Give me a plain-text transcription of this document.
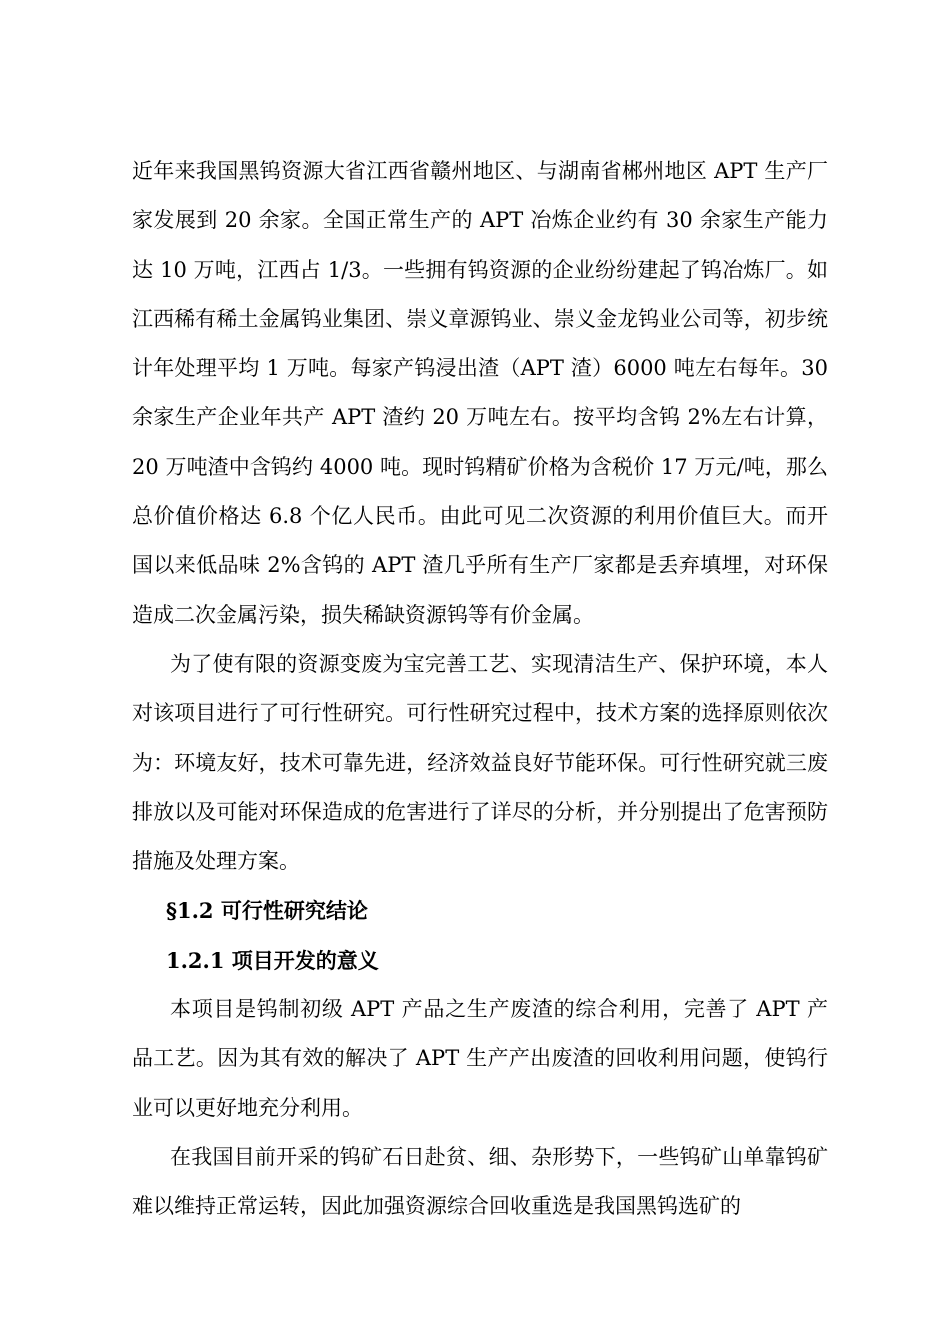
近年来我国黑钨资源大省江西省赣州地区、与湖南省郴州地区 APT 生产厂家发展到 20 余家。全国正常生产的 APT 冶炼企业约有 30 余家生产能力达 10 万吨，江西占 1/3。一些拥有钨资源的企业纷纷建起了钨冶炼厂。如江西稀有稀土金属钨业集团、崇义章源钨业、崇义金龙钨业公司等，初步统计年处理平均 1 万吨。每家产钨浸出渣（APT 渣）6000 吨左右每年。30 余家生产企业年共产 APT 渣约 20 万吨左右。按平均含钨 2%左右计算，20 万吨渣中含钨约 4000 吨。现时钨精矿价格为含税价 17 万元/吨，那么总价值价格达 6.8 个亿人民币。由此可见二次资源的利用价值巨大。而开国以来低品味 2%含钨的 APT 渣几乎所有生产厂家都是丢弃填埋，对环保造成二次金属污染，损失稀缺资源钨等有价金属。

为了使有限的资源变废为宝完善工艺、实现清洁生产、保护环境，本人对该项目进行了可行性研究。可行性研究过程中，技术方案的选择原则依次为：环境友好，技术可靠先进，经济效益良好节能环保。可行性研究就三废排放以及可能对环保造成的危害进行了详尽的分析，并分别提出了危害预防措施及处理方案。

§1.2 可行性研究结论

1.2.1 项目开发的意义

本项目是钨制初级 APT 产品之生产废渣的综合利用，完善了 APT 产品工艺。因为其有效的解决了 APT 生产产出废渣的回收利用问题，使钨行业可以更好地充分利用。

在我国目前开采的钨矿石日赴贫、细、杂形势下，一些钨矿山单靠钨矿难以维持正常运转，因此加强资源综合回收重选是我国黑钨选矿的
